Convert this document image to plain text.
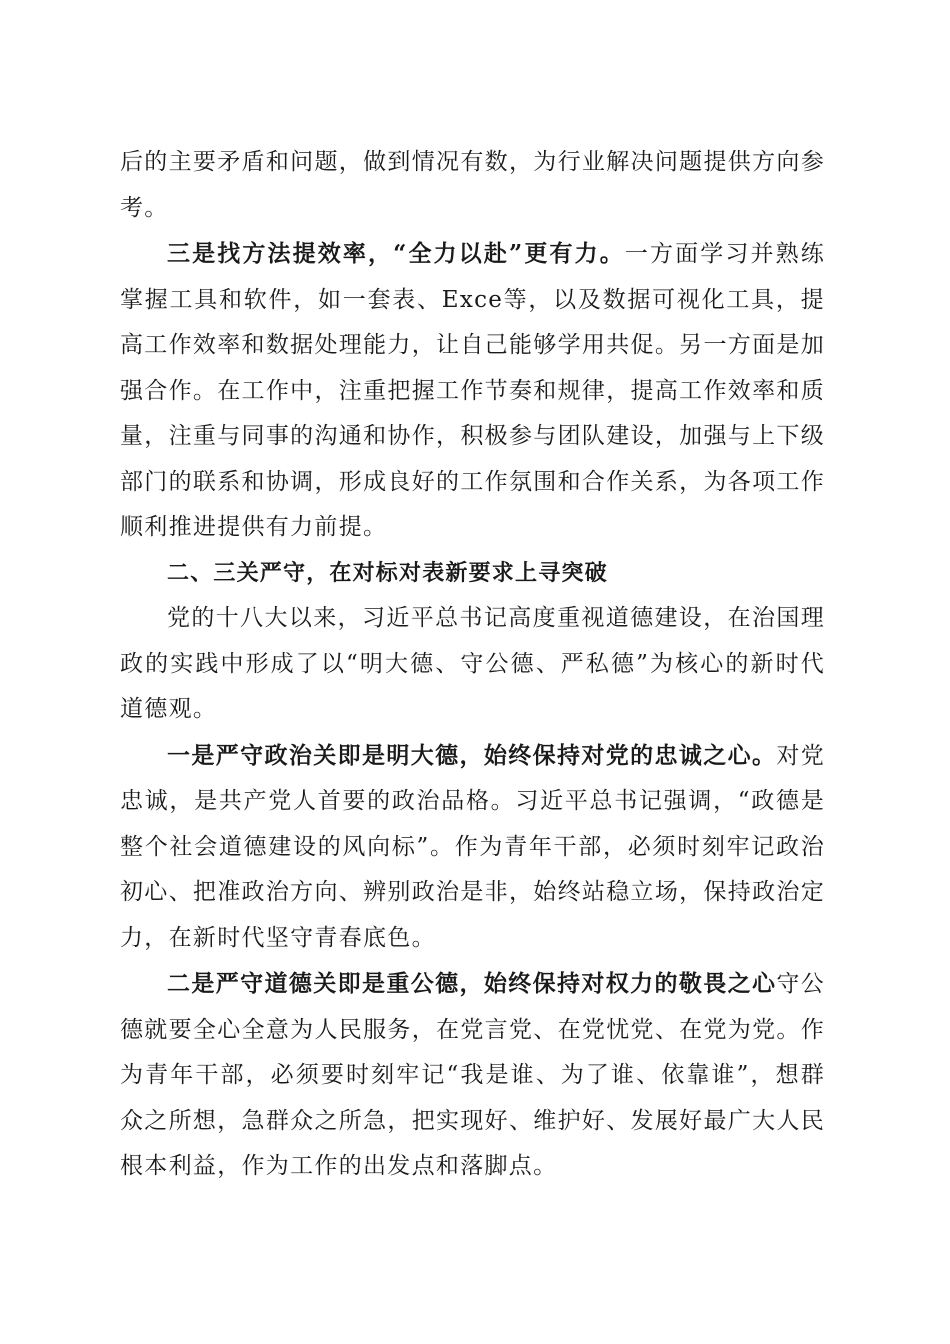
后的主要矛盾和问题，做到情况有数，为行业解决问题提供方向参考。

三是找方法提效率，“全力以赴”更有力。一方面学习并熟练掌握工具和软件，如一套表、Exce等，以及数据可视化工具，提高工作效率和数据处理能力，让自己能够学用共促。另一方面是加强合作。在工作中，注重把握工作节奏和规律，提高工作效率和质量，注重与同事的沟通和协作，积极参与团队建设，加强与上下级部门的联系和协调，形成良好的工作氛围和合作关系，为各项工作顺利推进提供有力前提。

二、三关严守，在对标对表新要求上寻突破

党的十八大以来，习近平总书记高度重视道德建设，在治国理政的实践中形成了以“明大德、守公德、严私德”为核心的新时代道德观。

一是严守政治关即是明大德，始终保持对党的忠诚之心。对党忠诚，是共产党人首要的政治品格。习近平总书记强调，“政德是整个社会道德建设的风向标”。作为青年干部，必须时刻牢记政治初心、把准政治方向、辨别政治是非，始终站稳立场，保持政治定力，在新时代坚守青春底色。

二是严守道德关即是重公德，始终保持对权力的敬畏之心守公德就要全心全意为人民服务，在党言党、在党忧党、在党为党。作为青年干部，必须要时刻牢记“我是谁、为了谁、依靠谁”，想群众之所想，急群众之所急，把实现好、维护好、发展好最广大人民根本利益，作为工作的出发点和落脚点。
